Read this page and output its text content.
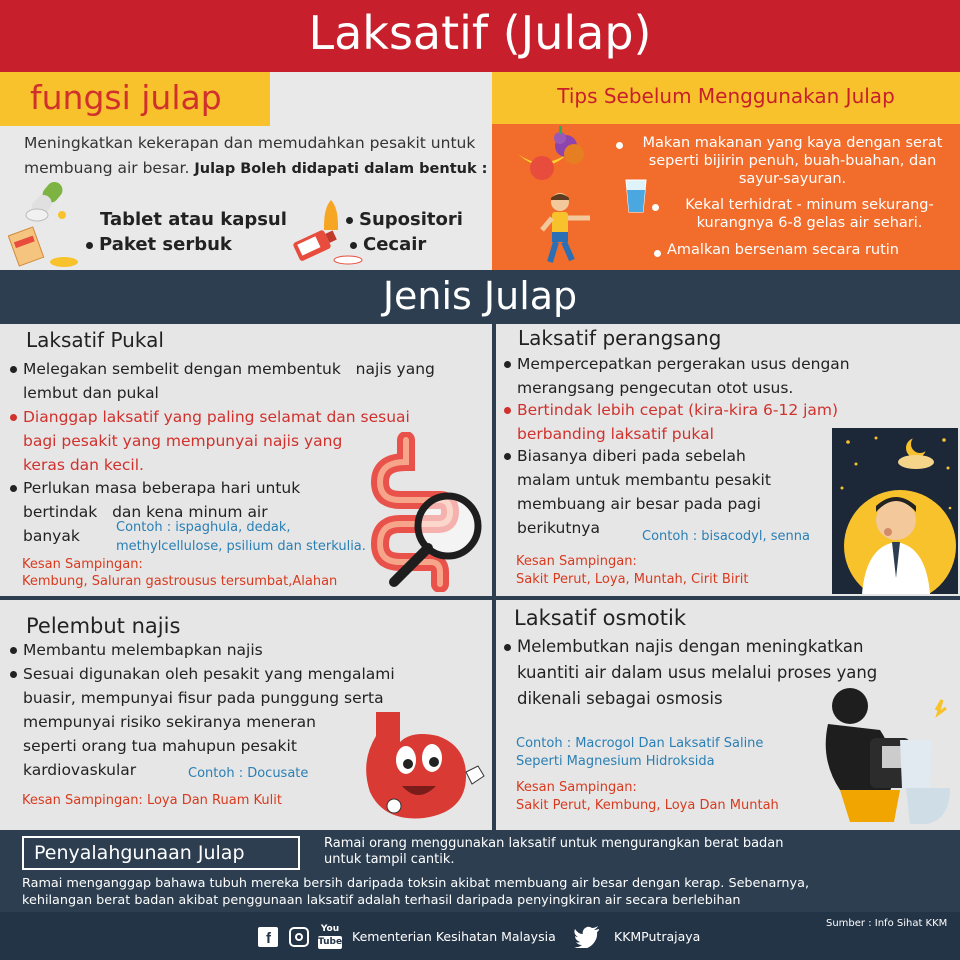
Laksatif (Julap)
fungsi julap
Meningkatkan kekerapan dan memudahkan pesakit untuk
membuang air besar. Julap Boleh didapati dalam bentuk :
Tablet atau kapsul
Paket serbuk
Supositori
Cecair
Tips Sebelum Menggunakan Julap
Makan makanan yang kaya dengan serat seperti bijirin penuh, buah-buahan, dan sayur-sayuran.
Kekal terhidrat - minum sekurang-kurangnya 6-8 gelas air sehari.
Amalkan bersenam secara rutin
Jenis Julap
Laksatif Pukal
Melegakan sembelit dengan membentuk najis yang
lembut dan pukal
Dianggap laksatif yang paling selamat dan sesuai
bagi pesakit yang mempunyai najis yang
keras dan kecil.
Perlukan masa beberapa hari untuk
bertindak dan kena minum air
banyak	Contoh : ispaghula, dedak,
methylcellulose, psilium dan sterkulia.
Kesan Sampingan:
Kembung, Saluran gastrousus tersumbat,Alahan
Laksatif perangsang
Mempercepatkan pergerakan usus dengan
merangsang pengecutan otot usus.
Bertindak lebih cepat (kira-kira 6-12 jam)
berbanding laksatif pukal
Biasanya diberi pada sebelah
malam untuk membantu pesakit
membuang air besar pada pagi
berikutnya	Contoh : bisacodyl, senna
Kesan Sampingan:
Sakit Perut, Loya, Muntah, Cirit Birit
Pelembut najis
Membantu melembapkan najis
Sesuai digunakan oleh pesakit yang mengalami
buasir, mempunyai fisur pada punggung serta
mempunyai risiko sekiranya meneran
seperti orang tua mahupun pesakit
kardiovaskular	Contoh : Docusate
Kesan Sampingan: Loya Dan Ruam Kulit
Laksatif osmotik
Melembutkan najis dengan meningkatkan
kuantiti air dalam usus melalui proses yang
dikenali sebagai osmosis
Contoh : Macrogol Dan Laksatif Saline
Seperti Magnesium Hidroksida
Kesan Sampingan:
Sakit Perut, Kembung, Loya Dan Muntah
Penyalahgunaan Julap	Ramai orang menggunakan laksatif untuk mengurangkan berat badan
untuk tampil cantik.
Ramai menganggap bahawa tubuh mereka bersih daripada toksin akibat membuang air besar dengan kerap. Sebenarnya,
kehilangan berat badan akibat penggunaan laksatif adalah terhasil daripada penyingkiran air secara berlebihan
f
You
Tube Kementerian Kesihatan Malaysia	KKMPutrajaya
Sumber : Info Sihat KKM
